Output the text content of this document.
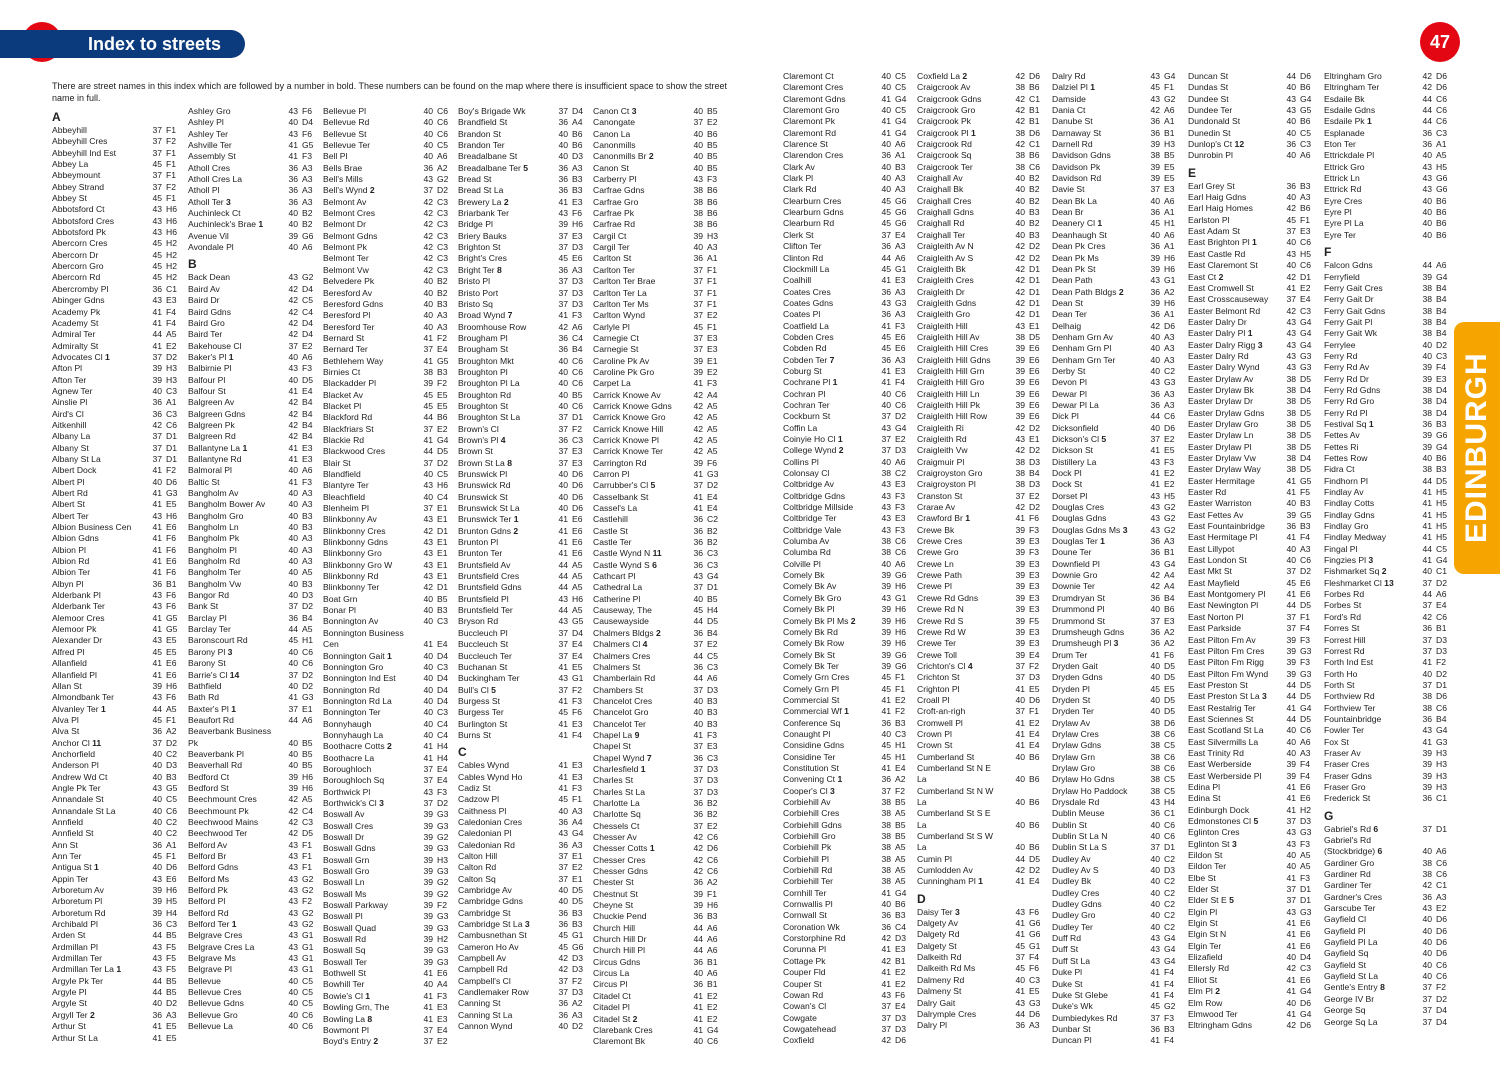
Index to streets	47
There are street names in this index which are followed by a number in bold. These numbers can be found on the map where there is insufficient space to show the street name in full.
EDINBURGH
A
Abbeyhill	37 F1
Abbeyhill Cres	37 F2
Abbeyhill Ind Est	37 F1
Abbey La	45 F1
Abbeymount	37 F1
Abbey Strand	37 F2
Abbey St	45 F1
Abbotsford Ct	43 H6
Abbotsford Cres	43 H6
Abbotsford Pk	43 H6
Abercorn Cres	45 H2
Abercorn Dr	45 H2
Abercorn Gro	45 H2
Abercorn Rd	45 H2
Abercromby Pl	36 C1
Abinger Gdns	43 E3
Academy Pk	41 F4
Academy St	41 F4
Admiral Ter	44 A5
Admiralty St	41 E2
Advocates Cl 1	37 D2
Afton Pl	39 H3
Afton Ter	39 H3
Agnew Ter	40 C3
Ainslie Pl	36 A1
Aird's Cl	36 C3
Aitkenhill	42 C6
Albany La	37 D1
Albany St	37 D1
Albany St La	37 D1
Albert Dock	41 F2
Albert Pl	40 D6
Albert Rd	41 G3
Albert St	41 E5
Albert Ter	43 H6
Albion Business Cen	41 E6
Albion Gdns	41 F6
Albion Pl	41 F6
Albion Rd	41 E6
Albion Ter	41 F6
Albyn Pl	36 B1
Alderbank Pl	43 F6
Alderbank Ter	43 F6
Alemoor Cres	41 G5
Alemoor Pk	41 G5
Alexander Dr	43 E5
Alfred Pl	45 E5
Allanfield	41 E6
Allanfield Pl	41 E6
Allan St	39 H6
Almondbank Ter	43 F6
Alvanley Ter 1	44 A5
Alva Pl	45 F1
Alva St	36 A2
Anchor Cl 11	37 D2
Anchorfield	40 C2
Anderson Pl	40 D3
Andrew Wd Ct	40 B3
Angle Pk Ter	43 G5
Annandale St	40 C5
Annandale St La	40 C6
Annfield	40 C2
Annfield St	40 C2
Ann St	36 A1
Ann Ter	45 F1
Antigua St 1	40 D6
Appin Ter	43 E6
Arboretum Av	39 H6
Arboretum Pl	39 H5
Arboretum Rd	39 H4
Archibald Pl	36 C3
Arden St	44 B5
Ardmillan Pl	43 F5
Ardmillan Ter	43 F5
Ardmillan Ter La 1	43 F5
Argyle Pk Ter	44 B5
Argyle Pl	44 B5
Argyle St	40 D2
Argyll Ter 2	36 A3
Arthur St	41 E5
Arthur St La	41 E5
Ashley Gro	43 F6
Ashley Pl	40 D4
Ashley Ter	43 F6
Ashville Ter	41 G5
Assembly St	41 F3
Atholl Cres	36 A3
Atholl Cres La	36 A3
Atholl Pl	36 A3
Atholl Ter 3	36 A3
Auchinleck Ct	40 B2
Auchinleck's Brae 1	40 B2
Avenue Vil	39 G6
Avondale Pl	40 A6
B
Back Dean	43 G2
Baird Av	42 D4
Baird Dr	42 C5
Baird Gdns	42 C4
Baird Gro	42 D4
Baird Ter	42 D4
Bakehouse Cl	37 E2
Baker's Pl 1	40 A6
Balbirnie Pl	43 F3
Balfour Pl	40 D5
Balfour St	41 E4
Balgreen Av	42 B4
Balgreen Gdns	42 B4
Balgreen Pk	42 B4
Balgreen Rd	42 B4
Ballantyne La 1	41 E3
Ballantyne Rd	41 E3
Balmoral Pl	40 A6
Baltic St	41 F3
Bangholm Av	40 A3
Bangholm Bower Av	40 A3
Bangholm Gro	40 B3
Bangholm Ln	40 B3
Bangholm Pk	40 A3
Bangholm Pl	40 A3
Bangholm Rd	40 A3
Bangholm Ter	40 A5
Bangholm Vw	40 B3
Bangor Rd	40 D3
Bank St	37 D2
Barclay Pl	36 B4
Barclay Ter	44 A5
Baronscourt Rd	45 H1
Barony Pl 3	40 C6
Barony St	40 C6
Barrie's Cl 14	37 D2
Bathfield	40 D2
Bath Rd	41 G3
Baxter's Pl 1	37 E1
Beaufort Rd	44 A6
Beaverbank Business
Pk	40 B5
Beaverbank Pl	40 B5
Beaverhall Rd	40 B5
Bedford Ct	39 H6
Bedford St	39 H6
Beechmount Cres	42 A5
Beechmount Pk	42 C4
Beechwood Mains	42 C3
Beechwood Ter	42 D5
Belford Av	43 F1
Belford Br	43 F1
Belford Gdns	43 F1
Belford Ms	43 G2
Belford Pk	43 G2
Belford Pl	43 F2
Belford Rd	43 G2
Belford Ter 1	43 G2
Belgrave Cres	43 G1
Belgrave Cres La	43 G1
Belgrave Ms	43 G1
Belgrave Pl	43 G1
Bellevue	40 C5
Bellevue Cres	40 C5
Bellevue Gdns	40 C5
Bellevue Gro	40 C6
Bellevue La	40 C6
Bellevue Pl	40 C6
Bellevue Rd	40 C6
Bellevue St	40 C6
Bellevue Ter	40 C5
Bell Pl	40 A6
Bells Brae	36 A2
Bell's Mills	43 G2
Bell's Wynd 2	37 D2
Belmont Av	42 C3
Belmont Cres	42 C3
Belmont Dr	42 C3
Belmont Gdns	42 C3
Belmont Pk	42 C3
Belmont Ter	42 C3
Belmont Vw	42 C3
Belvedere Pk	40 B2
Beresford Av	40 B2
Beresford Gdns	40 B3
Beresford Pl	40 A3
Beresford Ter	40 A3
Bernard St	41 F2
Bernard Ter	37 E4
Bethlehem Way	41 G5
Birnies Ct	38 B3
Blackadder Pl	39 F2
Blacket Av	45 E5
Blacket Pl	45 E5
Blackford Rd	44 B6
Blackfriars St	37 E2
Blackie Rd	41 G4
Blackwood Cres	44 D5
Blair St	37 D2
Blandfield	40 C5
Blantyre Ter	43 H6
Bleachfield	40 C4
Blenheim Pl	37 E1
Blinkbonny Av	43 E1
Blinkbonny Cres	42 D1
Blinkbonny Gdns	43 E1
Blinkbonny Gro	43 E1
Blinkbonny Gro W	43 E1
Blinkbonny Rd	43 E1
Blinkbonny Ter	42 D1
Boat Grn	40 B5
Bonar Pl	40 B3
Bonnington Av	40 C3
Bonnington Business
Cen	41 E4
Bonnington Gait 1	40 D4
Bonnington Gro	40 C3
Bonnington Ind Est	40 D4
Bonnington Rd	40 D4
Bonnington Rd La	40 D4
Bonnington Ter	40 C3
Bonnyhaugh	40 C4
Bonnyhaugh La	40 C4
Boothacre Cotts 2	41 H4
Boothacre La	41 H4
Boroughloch	37 E4
Boroughloch Sq	37 E4
Borthwick Pl	43 F3
Borthwick's Cl 3	37 D2
Boswall Av	39 G3
Boswall Cres	39 G3
Boswall Dr	39 G2
Boswall Gdns	39 G3
Boswall Grn	39 H3
Boswall Gro	39 G3
Boswall Ln	39 G2
Boswall Ms	39 G2
Boswall Parkway	39 F2
Boswall Pl	39 G3
Boswall Quad	39 G3
Boswall Rd	39 H2
Boswall Sq	39 G3
Boswall Ter	39 G3
Bothwell St	41 E6
Bowhill Ter	40 A4
Bowie's Cl 1	41 F3
Bowling Grn, The	41 E3
Bowling La 8	41 E3
Bowmont Pl	37 E4
Boyd's Entry 2	37 E2
Boy's Brigade Wk	37 D4
Brandfield St	36 A4
Brandon St	40 B6
Brandon Ter	40 B6
Breadalbane St	40 D3
Breadalbane Ter 5	36 A3
Bread St	36 B3
Bread St La	36 B3
Brewery La 2	41 E3
Briarbank Ter	43 F6
Bridge Pl	39 H6
Briery Bauks	37 E3
Brighton St	37 D3
Bright's Cres	45 E6
Bright Ter 8	36 A3
Bristo Pl	37 D3
Bristo Port	37 D3
Bristo Sq	37 D3
Broad Wynd 7	41 F3
Broomhouse Row	42 A6
Brougham Pl	36 C4
Brougham St	36 B4
Broughton Mkt	40 C6
Broughton Pl	40 C6
Broughton Pl La	40 C6
Broughton Rd	40 B5
Broughton St	40 C6
Broughton St La	37 D1
Brown's Cl	37 F2
Brown's Pl 4	36 C3
Brown St	37 E3
Brown St La 8	37 E3
Brunswick Pl	40 D6
Brunswick Rd	40 D6
Brunswick St	40 D6
Brunswick St La	40 D6
Brunswick Ter 1	41 E6
Brunton Gdns 2	41 E6
Brunton Pl	41 E6
Brunton Ter	41 E6
Bruntsfield Av	44 A5
Bruntsfield Cres	44 A5
Bruntsfield Gdns	44 A5
Bruntsfield Pl	43 H6
Bruntsfield Ter	44 A5
Bryson Rd	43 G5
Buccleuch Pl	37 D4
Buccleuch St	37 E4
Buccleuch Ter	37 E4
Buchanan St	41 E5
Buckingham Ter	43 G1
Bull's Cl 5	37 F2
Burgess St	41 F3
Burgess Ter	45 F6
Burlington St	41 E3
Burns St	41 F4
C
Cables Wynd	41 E3
Cables Wynd Ho	41 E3
Cadiz St	41 F3
Cadzow Pl	45 F1
Caithness Pl	40 A3
Caledonian Cres	36 A4
Caledonian Pl	43 G4
Caledonian Rd	36 A3
Calton Hill	37 E1
Calton Rd	37 E2
Calton Sq	37 E1
Cambridge Av	40 D5
Cambridge Gdns	40 D5
Cambridge St	36 B3
Cambridge St La 3	36 B3
Cambusnethan St	45 G1
Cameron Ho Av	45 G6
Campbell Av	42 D3
Campbell Rd	42 D3
Campbell's Cl	37 F2
Candlemaker Row	37 D3
Canning St	36 A2
Canning St La	36 A3
Cannon Wynd	40 D2
Canon Ct 3	40 B5
Canongate	37 E2
Canon La	40 B6
Canonmills	40 B5
Canonmills Br 2	40 B5
Canon St	40 B5
Carberry Pl	43 F3
Carfrae Gdns	38 B6
Carfrae Gro	38 B6
Carfrae Pk	38 B6
Carfrae Rd	38 B6
Cargil Ct	39 H3
Cargil Ter	40 A3
Carlton St	36 A1
Carlton Ter	37 F1
Carlton Ter Brae	37 F1
Carlton Ter La	37 F1
Carlton Ter Ms	37 F1
Carlton Wynd	37 E2
Carlyle Pl	45 F1
Carnegie Ct	37 E3
Carnegie St	37 E3
Caroline Pk Av	39 E1
Caroline Pk Gro	39 E2
Carpet La	41 F3
Carrick Knowe Av	42 A4
Carrick Knowe Gdns	42 A5
Carrick Knowe Gro	42 A5
Carrick Knowe Hill	42 A5
Carrick Knowe Pl	42 A5
Carrick Knowe Ter	42 A5
Carrington Rd	39 F6
Carron Pl	41 G3
Carrubber's Cl 5	37 D2
Casselbank St	41 E4
Cassel's La	41 E4
Castlehill	36 C2
Castle St	36 B2
Castle Ter	36 B2
Castle Wynd N 11	36 C3
Castle Wynd S 6	36 C3
Cathcart Pl	43 G4
Cathedral La	37 D1
Catherine Pl	40 B5
Causeway, The	45 H4
Causewayside	44 D5
Chalmers Bldgs 2	36 B4
Chalmers Cl 4	37 E2
Chalmers Cres	44 C5
Chalmers St	36 C3
Chamberlain Rd	44 A6
Chambers St	37 D3
Chancelot Cres	40 B3
Chancelot Gro	40 B3
Chancelot Ter	40 B3
Chapel La 9	41 F3
Chapel St	37 E3
Chapel Wynd 7	36 C3
Charlesfield 1	37 D3
Charles St	37 D3
Charles St La	37 D3
Charlotte La	36 B2
Charlotte Sq	36 B2
Chessels Ct	37 E2
Chesser Av	42 C6
Chesser Cotts 1	42 D6
Chesser Cres	42 C6
Chesser Gdns	42 C6
Chester St	36 A2
Chestnut St	39 F1
Cheyne St	39 H6
Chuckie Pend	36 B3
Church Hill	44 A6
Church Hill Dr	44 A6
Church Hill Pl	44 A6
Circus Gdns	36 B1
Circus La	40 A6
Circus Pl	36 B1
Citadel Ct	41 E2
Citadel Pl	41 E2
Citadel St 2	41 E2
Clarebank Cres	41 G4
Claremont Bk	40 C6
Claremont Ct	40 C5
Claremont Cres	40 C5
Claremont Gdns	41 G4
Claremont Gro	40 C5
Claremont Pk	41 G4
Claremont Rd	41 G4
Clarence St	40 A6
Clarendon Cres	36 A1
Clark Av	40 B3
Clark Pl	40 A3
Clark Rd	40 A3
Clearburn Cres	45 G6
Clearburn Gdns	45 G6
Clearburn Rd	45 G6
Clerk St	37 E4
Clifton Ter	36 A3
Clinton Rd	44 A6
Clockmill La	45 G1
Coalhill	41 E3
Coates Cres	36 A3
Coates Gdns	43 G3
Coates Pl	36 A3
Coatfield La	41 F3
Cobden Cres	45 E6
Cobden Rd	45 E6
Cobden Ter 7	36 A3
Coburg St	41 E3
Cochrane Pl 1	41 F4
Cochran Pl	40 C6
Cochran Ter	40 C6
Cockburn St	37 D2
Coffin La	43 G4
Coinyie Ho Cl 1	37 E2
College Wynd 2	37 D3
Collins Pl	40 A6
Colonsay Cl	38 C2
Coltbridge Av	43 E3
Coltbridge Gdns	43 F3
Coltbridge Millside	43 F3
Coltbridge Ter	43 E3
Coltbridge Vale	43 F3
Columba Av	38 C6
Columba Rd	38 C6
Colville Pl	40 A6
Comely Bk	39 G6
Comely Bk Av	39 H6
Comely Bk Gro	43 G1
Comely Bk Pl	39 H6
Comely Bk Pl Ms 2	39 H6
Comely Bk Rd	39 H6
Comely Bk Row	39 H6
Comely Bk St	39 G6
Comely Bk Ter	39 G6
Comely Grn Cres	45 F1
Comely Grn Pl	45 F1
Commercial St	41 E2
Commercial Wf 1	41 F2
Conference Sq	36 B3
Conaught Pl	40 C3
Considine Gdns	45 H1
Considine Ter	45 H1
Constitution St	41 E4
Convening Ct 1	36 A2
Cooper's Cl 3	37 F2
Corbiehill Av	38 B5
Corbiehill Cres	38 A5
Corbiehill Gdns	38 B5
Corbiehill Gro	38 B5
Corbiehill Pk	38 A5
Corbiehill Pl	38 A5
Corbiehill Rd	38 A5
Corbiehill Ter	38 A5
Cornhill Ter	41 G4
Cornwallis Pl	40 B6
Cornwall St	36 B3
Coronation Wk	36 C4
Corstorphine Rd	42 D3
Corunna Pl	41 E3
Cottage Pk	42 B1
Couper Fld	41 E2
Couper St	41 E2
Cowan Rd	43 F6
Cowan's Cl	37 E4
Cowgate	37 D3
Cowgatehead	37 D3
Coxfield	42 D6
Coxfield La 2	42 D6
Craigcrook Av	38 B6
Craigcrook Gdns	42 C1
Craigcrook Gro	42 B1
Craigcrook Pk	42 B1
Craigcrook Pl 1	38 D6
Craigcrook Rd	42 C1
Craigcrook Sq	38 B6
Craigcrook Ter	38 C6
Craighall Av	40 B2
Craighall Bk	40 B2
Craighall Cres	40 B2
Craighall Gdns	40 B3
Craighall Rd	40 B2
Craighall Ter	40 B3
Craigleith Av N	42 D2
Craigleith Av S	42 D2
Craigleith Bk	42 D1
Craigleith Cres	42 D1
Craigleith Dr	42 D1
Craigleith Gdns	42 D1
Craigleith Gro	42 D1
Craigleith Hill	43 E1
Craigleith Hill Av	38 D5
Craigleith Hill Cres	39 E6
Craigleith Hill Gdns	39 E6
Craigleith Hill Grn	39 E6
Craigleith Hill Gro	39 E6
Craigleith Hill Ln	39 E6
Craigleith Hill Pk	39 E6
Craigleith Hill Row	39 E6
Craigleith Ri	42 D2
Craigleith Rd	43 E1
Craigleith Vw	42 D2
Craigmuir Pl	38 D3
Craigroyston Gro	38 B4
Craigroyston Pl	38 D3
Cranston St	37 E2
Crarae Av	42 D2
Crawford Br 1	41 F6
Crewe Bk	39 F3
Crewe Cres	39 E3
Crewe Gro	39 F3
Crewe Ln	39 E3
Crewe Path	39 E3
Crewe Pl	39 E3
Crewe Rd Gdns	39 E3
Crewe Rd N	39 E3
Crewe Rd S	39 F5
Crewe Rd W	39 E3
Crewe Ter	39 E3
Crewe Toll	39 E4
Crichton's Cl 4	37 F2
Crichton St	37 D3
Crighton Pl	41 E5
Croall Pl	40 D6
Croft-an-righ	37 F1
Cromwell Pl	41 E2
Crown Pl	41 E4
Crown St	41 E4
Cumberland St	40 B6
Cumberland St N E
La	40 B6
Cumberland St N W
La	40 B6
Cumberland St S E
La	40 B6
Cumberland St S W
La	40 B6
Cumin Pl	44 D5
Cumlodden Av	42 D2
Cunningham Pl 1	41 E4
D
Daisy Ter 3	43 F6
Dalgety Av	41 G6
Dalgety Rd	41 G6
Dalgety St	45 G1
Dalkeith Rd	37 F4
Dalkeith Rd Ms	45 F6
Dalmeny Rd	40 C3
Dalmeny St	41 E5
Dalry Gait	43 G3
Dalrymple Cres	44 D6
Dalry Pl	36 A3
Dalry Rd	43 G4
Dalziel Pl 1	45 F1
Damside	43 G2
Dania Ct	42 A6
Danube St	36 A1
Darnaway St	36 B1
Darnell Rd	39 H3
Davidson Gdns	38 B5
Davidson Pk	39 E5
Davidson Rd	39 E5
Davie St	37 E3
Dean Bk La	40 A6
Dean Br	36 A1
Deanery Cl 1	45 H1
Deanhaugh St	40 A6
Dean Pk Cres	36 A1
Dean Pk Ms	39 H6
Dean Pk St	39 H6
Dean Path	43 G1
Dean Path Bldgs 2	36 A2
Dean St	39 H6
Dean Ter	36 A1
Delhaig	42 D6
Denham Grn Av	40 A3
Denham Grn Pl	40 A3
Denham Grn Ter	40 A3
Derby St	40 C2
Devon Pl	43 G3
Dewar Pl	36 A3
Dewar Pl La	36 A3
Dick Pl	44 C6
Dicksonfield	40 D6
Dickson's Cl 5	37 E2
Dickson St	41 E5
Distillery La	43 F3
Dock Pl	41 E2
Dock St	41 E2
Dorset Pl	43 H5
Douglas Cres	43 G2
Douglas Gdns	43 G2
Douglas Gdns Ms 3	43 G2
Douglas Ter 1	36 A3
Doune Ter	36 B1
Downfield Pl	43 G4
Downie Gro	42 A4
Downie Ter	42 A4
Drumdryan St	36 B4
Drummond Pl	40 B6
Drummond St	37 E3
Drumsheugh Gdns	36 A2
Drumsheugh Pl 3	36 A2
Drum Ter	41 F6
Dryden Gait	40 D5
Dryden Gdns	40 D5
Dryden Pl	45 E5
Dryden St	40 D5
Dryden Ter	40 D5
Drylaw Av	38 D6
Drylaw Cres	38 C6
Drylaw Gdns	38 C5
Drylaw Grn	38 C6
Drylaw Gro	38 C6
Drylaw Ho Gdns	38 C5
Drylaw Ho Paddock	38 C5
Drysdale Rd	43 H4
Dublin Meuse	36 C1
Dublin St	40 C6
Dublin St La N	40 C6
Dublin St La S	37 D1
Dudley Av	40 C2
Dudley Av S	40 D3
Dudley Bk	40 C2
Dudley Cres	40 C2
Dudley Gdns	40 C2
Dudley Gro	40 C2
Dudley Ter	40 C2
Duff Rd	43 G4
Duff St	43 G4
Duff St La	43 G4
Duke Pl	41 F4
Duke St	41 F4
Duke St Glebe	41 F4
Duke's Wk	45 G2
Dumbiedykes Rd	37 F3
Dunbar St	36 B3
Duncan Pl	41 F4
Duncan St	44 D6
Dundas St	40 B6
Dundee St	43 G4
Dundee Ter	43 G5
Dundonald St	40 B6
Dunedin St	40 C5
Dunlop's Ct 12	36 C3
Dunrobin Pl	40 A6
E
Earl Grey St	36 B3
Earl Haig Gdns	40 A3
Earl Haig Homes	42 B6
Earlston Pl	45 F1
East Adam St	37 E3
East Brighton Pl 1	40 C6
East Castle Rd	43 H5
East Claremont St	40 C6
East Ct 2	42 D1
East Cromwell St	41 E2
East Crosscauseway	37 E4
Easter Belmont Rd	42 C3
Easter Dalry Dr	43 G4
Easter Dalry Pl 1	43 G4
Easter Dalry Rigg 3	43 G4
Easter Dalry Rd	43 G3
Easter Dalry Wynd	43 G3
Easter Drylaw Av	38 D5
Easter Drylaw Bk	38 D4
Easter Drylaw Dr	38 D5
Easter Drylaw Gdns	38 D5
Easter Drylaw Gro	38 D5
Easter Drylaw Ln	38 D5
Easter Drylaw Pl	38 D5
Easter Drylaw Vw	38 D4
Easter Drylaw Way	38 D5
Easter Hermitage	41 G5
Easter Rd	41 F5
Easter Warriston	40 B3
East Fettes Av	39 G5
East Fountainbridge	36 B3
East Hermitage Pl	41 F4
East Lillypot	40 A3
East London St	40 C6
East Mkt St	37 D2
East Mayfield	45 E6
East Montgomery Pl	41 E6
East Newington Pl	44 D5
East Norton Pl	37 F1
East Parkside	37 F4
East Pilton Fm Av	39 F3
East Pilton Fm Cres	39 G3
East Pilton Fm Rigg	39 F3
East Pilton Fm Wynd	39 G3
East Preston St	44 D5
East Preston St La 3	44 D5
East Restalrig Ter	41 G4
East Sciennes St	44 D5
East Scotland St La	40 C6
East Silvermills La	40 A6
East Trinity Rd	40 A3
East Werberside	39 F4
East Werberside Pl	39 F4
Edina Pl	41 E6
Edina St	41 E6
Edinburgh Dock	41 H2
Edmonstones Cl 5	37 D3
Eglinton Cres	43 G3
Eglinton St 3	43 F3
Eildon St	40 A5
Eildon Ter	40 A5
Elbe St	41 F3
Elder St	37 D1
Elder St E 5	37 D1
Elgin Pl	43 G3
Elgin St	41 E6
Elgin St N	41 E6
Elgin Ter	41 E6
Elizafield	40 D4
Ellersly Rd	42 C3
Elliot St	41 E6
Elm Pl 2	41 G4
Elm Row	40 D6
Elmwood Ter	41 G4
Eltringham Gdns	42 D6
Eltringham Gro	42 D6
Eltringham Ter	42 D6
Esdaile Bk	44 C6
Esdaile Gdns	44 C6
Esdaile Pk 1	44 C6
Esplanade	36 C3
Eton Ter	36 A1
Ettrickdale Pl	40 A5
Ettrick Gro	43 H5
Ettrick Ln	43 G6
Ettrick Rd	43 G6
Eyre Cres	40 B6
Eyre Pl	40 B6
Eyre Pl La	40 B6
Eyre Ter	40 B6
F
Falcon Gdns	44 A6
Ferryfield	39 G4
Ferry Gait Cres	38 B4
Ferry Gait Dr	38 B4
Ferry Gait Gdns	38 B4
Ferry Gait Pl	38 B4
Ferry Gait Wk	38 B4
Ferrylee	40 D2
Ferry Rd	40 C3
Ferry Rd Av	39 F4
Ferry Rd Dr	39 E3
Ferry Rd Gdns	38 D4
Ferry Rd Gro	38 D4
Ferry Rd Pl	38 D4
Festival Sq 1	36 B3
Fettes Av	39 G6
Fettes Ri	39 G4
Fettes Row	40 B6
Fidra Ct	38 B3
Findhorn Pl	44 D5
Findlay Av	41 H5
Findlay Cotts	41 H5
Findlay Gdns	41 H5
Findlay Gro	41 H5
Findlay Medway	41 H5
Fingal Pl	44 C5
Fingzies Pl 3	41 G4
Fishmarket Sq 2	40 C1
Fleshmarket Cl 13	37 D2
Forbes Rd	44 A6
Forbes St	37 E4
Ford's Rd	42 C6
Forres St	36 B1
Forrest Hill	37 D3
Forrest Rd	37 D3
Forth Ind Est	41 F2
Forth Ho	40 D2
Forth St	37 D1
Forthview Rd	38 D6
Forthview Ter	38 C6
Fountainbridge	36 B4
Fowler Ter	43 G4
Fox St	41 G3
Fraser Av	39 H3
Fraser Cres	39 H3
Fraser Gdns	39 H3
Fraser Gro	39 H3
Frederick St	36 C1
G
Gabriel's Rd 6	37 D1
Gabriel's Rd
(Stockbridge) 6	40 A6
Gardiner Gro	38 C6
Gardiner Rd	38 C6
Gardiner Ter	42 C1
Gardner's Cres	36 A3
Garscube Ter	43 E2
Gayfield Cl	40 D6
Gayfield Pl	40 D6
Gayfield Pl La	40 D6
Gayfield Sq	40 D6
Gayfield St	40 C6
Gayfield St La	40 C6
Gentle's Entry 8	37 F2
George IV Br	37 D2
George Sq	37 D4
George Sq La	37 D4
